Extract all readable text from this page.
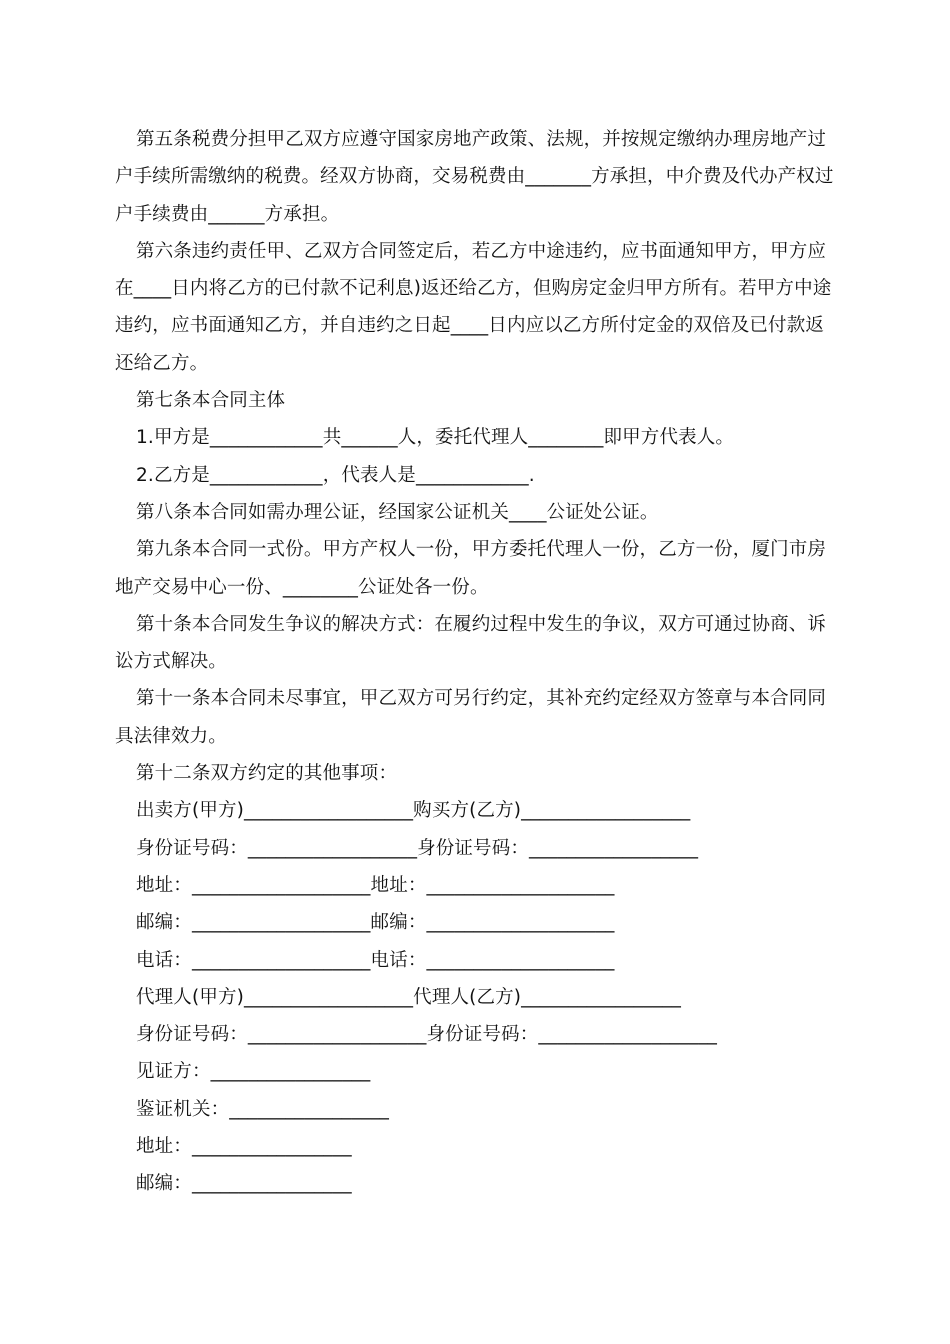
第五条税费分担甲乙双方应遵守国家房地产政策、法规，并按规定缴纳办理房地产过户手续所需缴纳的税费。经双方协商，交易税费由_______方承担，中介费及代办产权过户手续费由______方承担。

第六条违约责任甲、乙双方合同签定后，若乙方中途违约，应书面通知甲方，甲方应在____日内将乙方的已付款不记利息)返还给乙方，但购房定金归甲方所有。若甲方中途违约，应书面通知乙方，并自违约之日起____日内应以乙方所付定金的双倍及已付款返还给乙方。

第七条本合同主体

1.甲方是____________共______人，委托代理人________即甲方代表人。

2.乙方是____________，代表人是____________.

第八条本合同如需办理公证，经国家公证机关____公证处公证。

第九条本合同一式份。甲方产权人一份，甲方委托代理人一份，乙方一份，厦门市房地产交易中心一份、________公证处各一份。

第十条本合同发生争议的解决方式：在履约过程中发生的争议，双方可通过协商、诉讼方式解决。

第十一条本合同未尽事宜，甲乙双方可另行约定，其补充约定经双方签章与本合同同具法律效力。

第十二条双方约定的其他事项：

出卖方(甲方)__________________购买方(乙方)__________________

身份证号码：__________________身份证号码：__________________

地址：___________________地址：____________________

邮编：___________________邮编：____________________

电话：___________________电话：____________________

代理人(甲方)__________________代理人(乙方)_________________

身份证号码：___________________身份证号码：___________________

见证方：_________________

鉴证机关：_________________

地址：_________________

邮编：_________________
